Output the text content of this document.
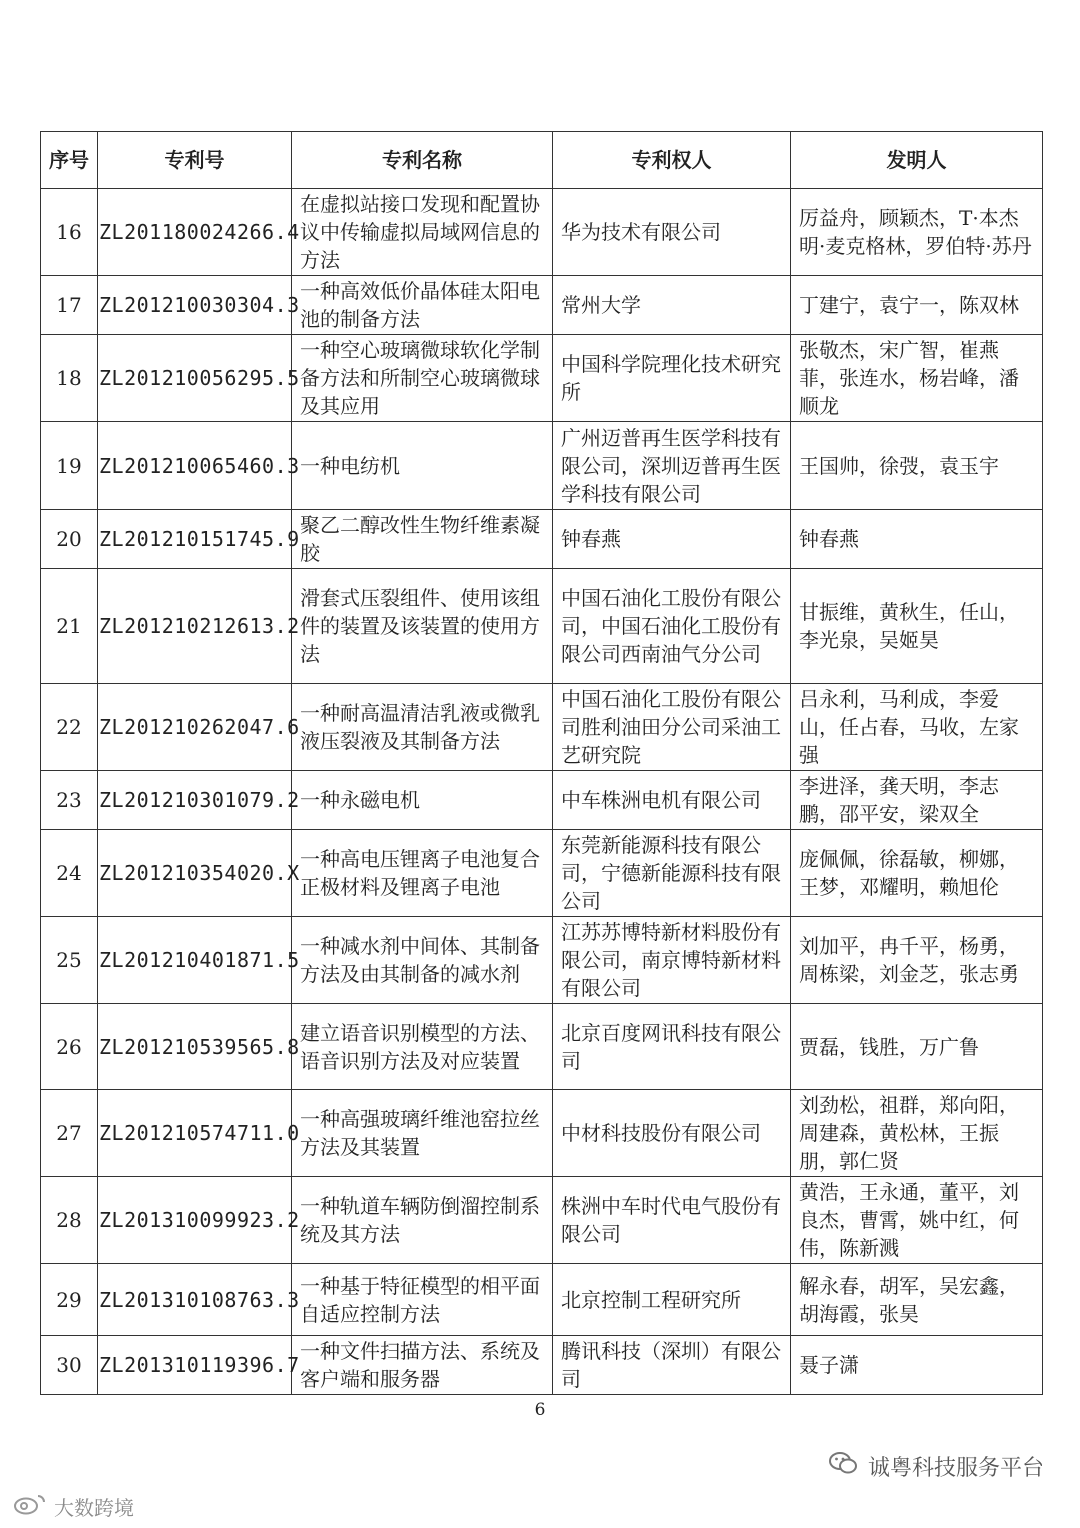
序号	专利号	专利名称	专利权人	发明人
16	ZL201180024266.4	在虚拟站接口发现和配置协议中传输虚拟局域网信息的方法	华为技术有限公司	厉益舟，顾颖杰，T·本杰明·麦克格林，罗伯特·苏丹
17	ZL201210030304.3	一种高效低价晶体硅太阳电池的制备方法	常州大学	丁建宁，袁宁一，陈双林
18	ZL201210056295.5	一种空心玻璃微球软化学制备方法和所制空心玻璃微球及其应用	中国科学院理化技术研究所	张敬杰，宋广智，崔燕菲，张连水，杨岩峰，潘顺龙
19	ZL201210065460.3	一种电纺机	广州迈普再生医学科技有限公司，深圳迈普再生医学科技有限公司	王国帅，徐弢，袁玉宇
20	ZL201210151745.9	聚乙二醇改性生物纤维素凝胶	钟春燕	钟春燕
21	ZL201210212613.2	滑套式压裂组件、使用该组件的装置及该装置的使用方法	中国石油化工股份有限公司，中国石油化工股份有限公司西南油气分公司	甘振维，黄秋生，任山，李光泉，吴姬昊
22	ZL201210262047.6	一种耐高温清洁乳液或微乳液压裂液及其制备方法	中国石油化工股份有限公司胜利油田分公司采油工艺研究院	吕永利，马利成，李爱山，任占春，马收，左家强
23	ZL201210301079.2	一种永磁电机	中车株洲电机有限公司	李进泽，龚天明，李志鹏，邵平安，梁双全
24	ZL201210354020.X	一种高电压锂离子电池复合正极材料及锂离子电池	东莞新能源科技有限公司，宁德新能源科技有限公司	庞佩佩，徐磊敏，柳娜，王梦，邓耀明，赖旭伦
25	ZL201210401871.5	一种减水剂中间体、其制备方法及由其制备的减水剂	江苏苏博特新材料股份有限公司，南京博特新材料有限公司	刘加平，冉千平，杨勇，周栋梁，刘金芝，张志勇
26	ZL201210539565.8	建立语音识别模型的方法、语音识别方法及对应装置	北京百度网讯科技有限公司	贾磊，钱胜，万广鲁
27	ZL201210574711.0	一种高强玻璃纤维池窑拉丝方法及其装置	中材科技股份有限公司	刘劲松，祖群，郑向阳，周建森，黄松林，王振朋，郭仁贤
28	ZL201310099923.2	一种轨道车辆防倒溜控制系统及其方法	株洲中车时代电气股份有限公司	黄浩，王永通，董平，刘良杰，曹霄，姚中红，何伟，陈新溅
29	ZL201310108763.3	一种基于特征模型的相平面自适应控制方法	北京控制工程研究所	解永春，胡军，吴宏鑫，胡海霞，张昊
30	ZL201310119396.7	一种文件扫描方法、系统及客户端和服务器	腾讯科技（深圳）有限公司	聂子潇
6
诚粤科技服务平台
大数跨境
